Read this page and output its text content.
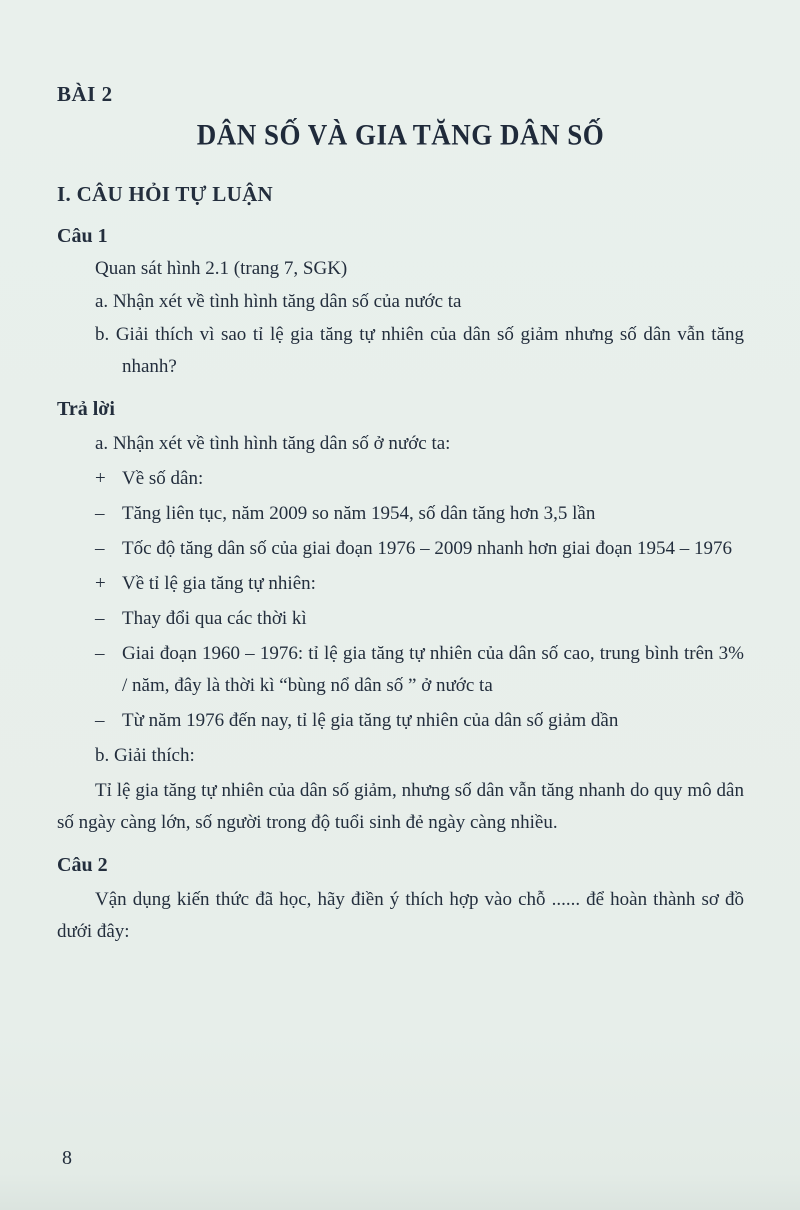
BÀI 2
DÂN SỐ VÀ GIA TĂNG DÂN SỐ
I. CÂU HỎI TỰ LUẬN
Câu 1
Quan sát hình 2.1 (trang 7, SGK)
a. Nhận xét về tình hình tăng dân số của nước ta
b. Giải thích vì sao tỉ lệ gia tăng tự nhiên của dân số giảm nhưng số dân vẫn tăng nhanh?
Trả lời
a. Nhận xét về tình hình tăng dân số ở nước ta:
+ Về số dân:
– Tăng liên tục, năm 2009 so năm 1954, số dân tăng hơn 3,5 lần
– Tốc độ tăng dân số của giai đoạn 1976 – 2009 nhanh hơn giai đoạn 1954 – 1976
+ Về tỉ lệ gia tăng tự nhiên:
– Thay đổi qua các thời kì
– Giai đoạn 1960 – 1976: tỉ lệ gia tăng tự nhiên của dân số cao, trung bình trên 3% / năm, đây là thời kì “bùng nổ dân số ” ở nước ta
– Từ năm 1976 đến nay, tỉ lệ gia tăng tự nhiên của dân số giảm dần
b. Giải thích:
Tỉ lệ gia tăng tự nhiên của dân số giảm, nhưng số dân vẫn tăng nhanh do quy mô dân số ngày càng lớn, số người trong độ tuổi sinh đẻ ngày càng nhiều.
Câu 2
Vận dụng kiến thức đã học, hãy điền ý thích hợp vào chỗ ...... để hoàn thành sơ đồ dưới đây:
8
